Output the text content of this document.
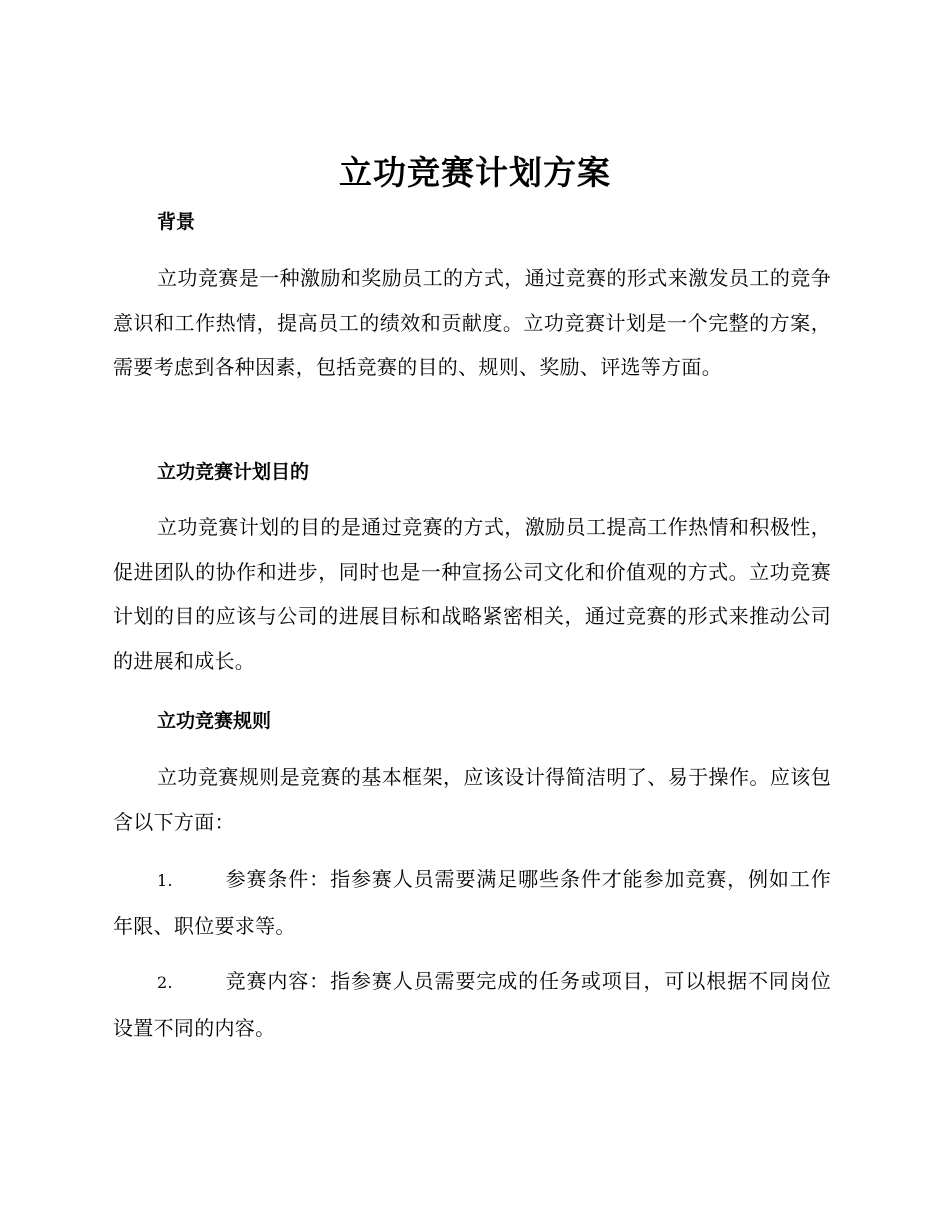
立功竞赛计划方案
背景
立功竞赛是一种激励和奖励员工的方式，通过竞赛的形式来激发员工的竞争意识和工作热情，提高员工的绩效和贡献度。立功竞赛计划是一个完整的方案，需要考虑到各种因素，包括竞赛的目的、规则、奖励、评选等方面。
立功竞赛计划目的
立功竞赛计划的目的是通过竞赛的方式，激励员工提高工作热情和积极性，促进团队的协作和进步，同时也是一种宣扬公司文化和价值观的方式。立功竞赛计划的目的应该与公司的进展目标和战略紧密相关，通过竞赛的形式来推动公司的进展和成长。
立功竞赛规则
立功竞赛规则是竞赛的基本框架，应该设计得简洁明了、易于操作。应该包含以下方面：
1.	参赛条件：指参赛人员需要满足哪些条件才能参加竞赛，例如工作年限、职位要求等。
2.	竞赛内容：指参赛人员需要完成的任务或项目，可以根据不同岗位设置不同的内容。
